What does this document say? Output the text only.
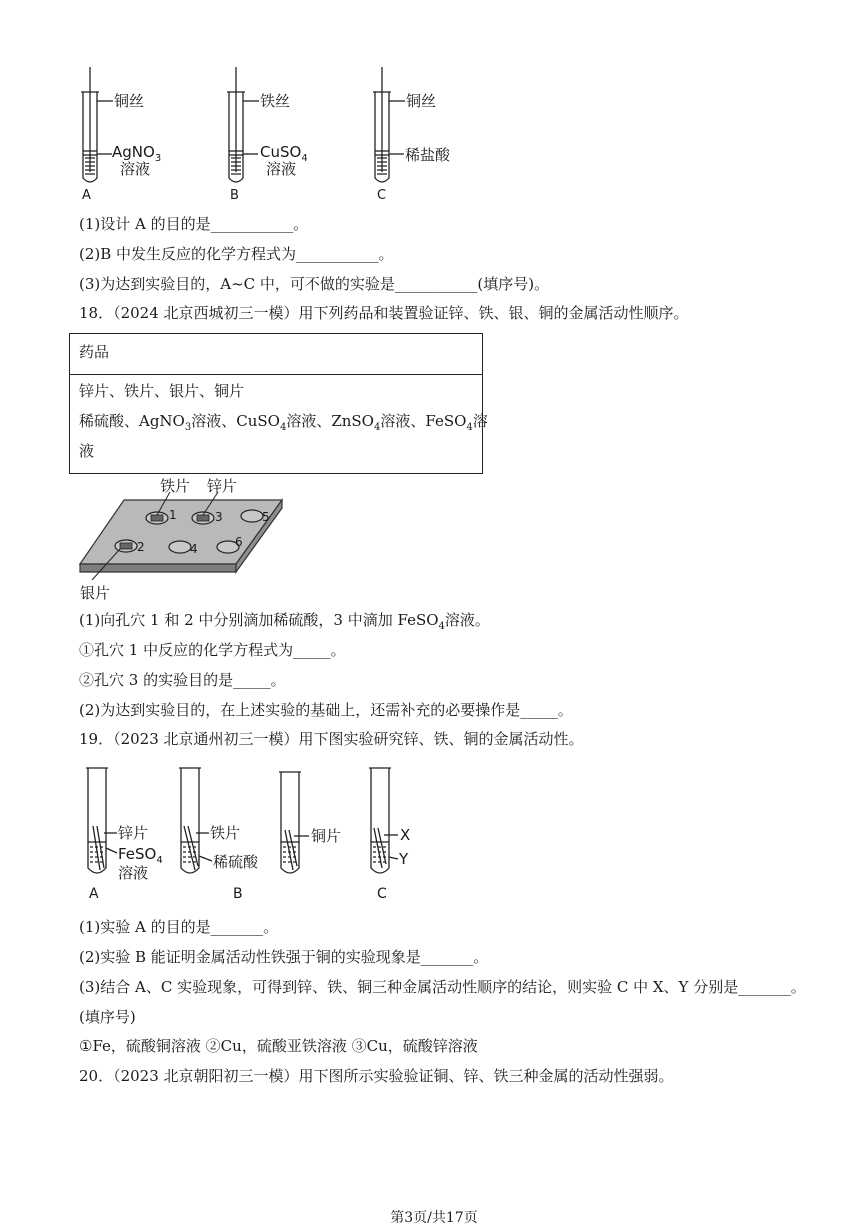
铜丝
AgNO$_3$
溶液
A
铁丝
CuSO$_4$
溶液
B
铜丝
稀盐酸
C
(1)设计 A 的目的是___________。
(2)B 中发生反应的化学方程式为___________。
(3)为达到实验目的，A~C 中，可不做的实验是___________(填序号)。
18．（2024 北京西城初三一模）用下列药品和装置验证锌、铁、银、铜的金属活动性顺序。
药品
锌片、铁片、银片、铜片
稀硫酸、AgNO$_3$溶液、CuSO$_4$溶液、ZnSO$_4$溶液、FeSO$_4$溶
液
铁片 锌片
银片
1
2
3
4
5
6
(1)向孔穴 1 和 2 中分别滴加稀硫酸，3 中滴加 FeSO$_4$溶液。
①孔穴 1 中反应的化学方程式为_____。
②孔穴 3 的实验目的是_____。
(2)为达到实验目的，在上述实验的基础上，还需补充的必要操作是_____。
19．（2023 北京通州初三一模）用下图实验研究锌、铁、铜的金属活动性。
锌片
FeSO$_4$
溶液
A
铁片
稀硫酸
B
铜片	X
Y
C
(1)实验 A 的目的是_______。
(2)实验 B 能证明金属活动性铁强于铜的实验现象是_______。
(3)结合 A、C 实验现象，可得到锌、铁、铜三种金属活动性顺序的结论，则实验 C 中 X、Y 分别是_______。
(填序号)
①Fe，硫酸铜溶液 ②Cu，硫酸亚铁溶液 ③Cu，硫酸锌溶液
20．（2023 北京朝阳初三一模）用下图所示实验验证铜、锌、铁三种金属的活动性强弱。
第3页/共17页
